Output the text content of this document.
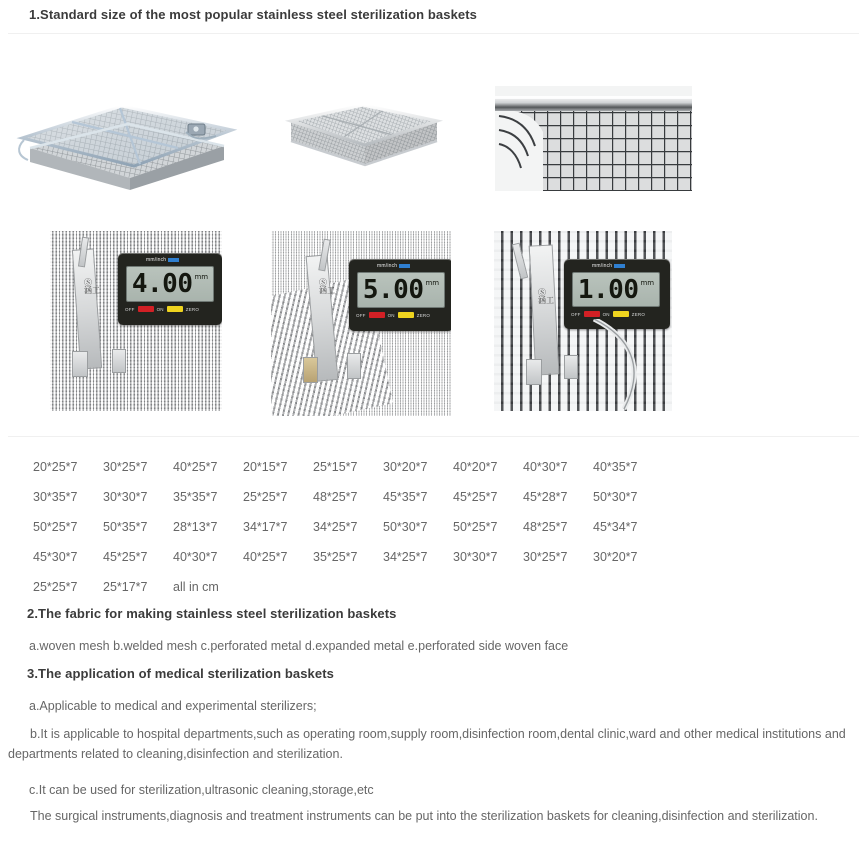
1.Standard size of the most popular stainless steel sterilization baskets
Ⓢ
涵工
mm/inch
4.00 mm
OFF	ON	ZERO
Ⓢ
涵工
mm/inch
5.00 mm
OFF	ON	ZERO
Ⓢ
涵工
mm/inch
1.00 mm
OFF	ON	ZERO
20*25*7	30*25*7	40*25*7	20*15*7	25*15*7	30*20*7	40*20*7	40*30*7	40*35*7
30*35*7	30*30*7	35*35*7	25*25*7	48*25*7	45*35*7	45*25*7	45*28*7	50*30*7
50*25*7	50*35*7	28*13*7	34*17*7	34*25*7	50*30*7	50*25*7	48*25*7	45*34*7
45*30*7	45*25*7	40*30*7	40*25*7	35*25*7	34*25*7	30*30*7	30*25*7	30*20*7
25*25*7	25*17*7	all in cm
2.The fabric for making stainless steel sterilization baskets
a.woven mesh b.welded mesh c.perforated metal d.expanded metal e.perforated side woven face
3.The application of medical sterilization baskets
a.Applicable to medical and experimental sterilizers;
b.It is applicable to hospital departments,such as operating room,supply room,disinfection room,dental clinic,ward and other medical institutions and departments related to cleaning,disinfection and sterilization.
c.It can be used for sterilization,ultrasonic cleaning,storage,etc
The surgical instruments,diagnosis and treatment instruments can be put into the sterilization baskets for cleaning,disinfection and sterilization.
